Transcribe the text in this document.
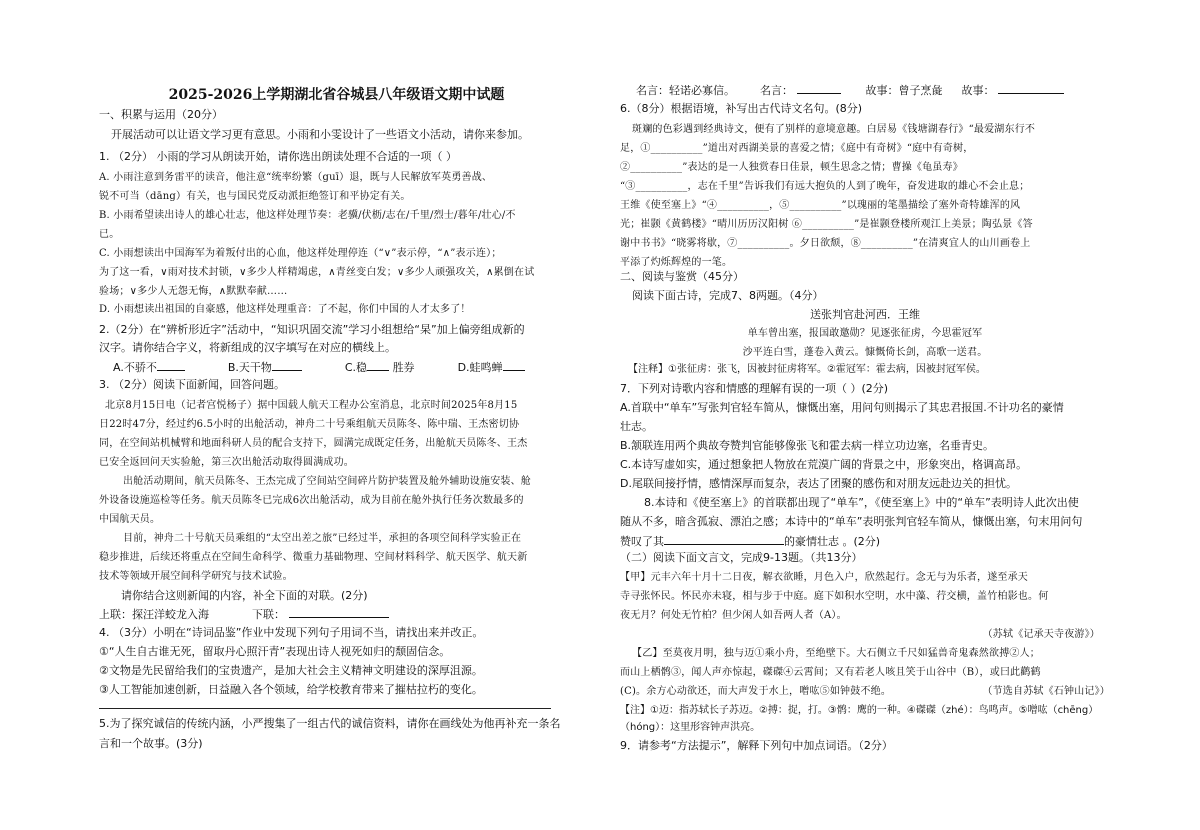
2025-2026上学期湖北省谷城县八年级语文期中试题
一、积累与运用（20分）
开展活动可以让语文学习更有意思。小雨和小雯设计了一些语文小活动，请你来参加。
1. （2分） 小雨的学习从朗读开始，请你选出朗读处理不合适的一项（ ）
A. 小雨注意到务雷平的读音，他注意“统率纷繁（guī）退，既与人民解放军英勇善战、
锐不可当（dāng）有关，也与国民党反动派拒绝签订和平协定有关。
B. 小雨希望读出诗人的雄心壮志，他这样处理节奏：老骥/伏枥/志在/千里/烈士/暮年/壮心/不
已。
C. 小雨想读出中国海军为着叛付出的心血，他这样处理停连（“∨”表示停，“∧”表示连）；
为了这一看，∨雨对技术封锁，∨多少人样精竭虑，∧青丝变白发；∨多少人顽强攻关，∧累倒在试
验场；∨多少人无怨无悔，∧默默奉献……
D. 小雨想读出祖国的自豪感，他这样处理重音：了不起，你们中国的人才太多了！
2.（2分）在“辨析形近字”活动中，“知识巩固交流”学习小组想给“杲”加上偏旁组成新的
汉字。请你结合字义，将新组成的汉字填写在对应的横线上。
A.不骄不	B.天干物	C.稳 胜券	D.蛙鸣蝉
3. （2分）阅读下面新闻，回答问题。
北京8月15日电（记者宫悦杨子）据中国载人航天工程办公室消息，北京时间2025年8月15
日22时47分，经过约6.5小时的出舱活动，神舟二十号乘组航天员陈冬、陈中瑞、王杰密切协
同，在空间站机械臂和地面科研人员的配合支持下，圆满完成既定任务，出舱航天员陈冬、王杰
已安全返回问天实验舱，第三次出舱活动取得圆满成功。
出舱活动期间，航天员陈冬、王杰完成了空间站空间碎片防护装置及舱外辅助设施安装、舱
外设备设施巡检等任务。航天员陈冬已完成6次出舱活动，成为目前在舱外执行任务次数最多的
中国航天员。
目前，神舟二十号航天员乘组的“太空出差之旅”已经过半，承担的各项空间科学实验正在
稳步推进，后续还将重点在空间生命科学、微重力基础物理、空间材料科学、航天医学、航天新
技术等领域开展空间科学研究与技术试验。
请你结合这则新闻的内容，补全下面的对联。(2分)
上联：探汪洋蛟龙入海	下联：
4. （3分）小明在“诗词品鉴”作业中发现下列句子用词不当，请找出来并改正。
①“人生自古谁无死，留取丹心照汗青”表现出诗人视死如归的颓固信念。
②文物是先民留给我们的宝贵遗产，是加大社会主义精神文明建设的深厚沮源。
③人工智能加速创新，日益融入各个领域，给学校教育带来了摧枯拉朽的变化。
5.为了探究诚信的传统内涵，小严搜集了一组古代的诚信资料，请你在画线处为他再补充一条名
言和一个故事。(3分)
名言：轻诺必寡信。 名言：	故事：曾子烹彘 故事：
6.（8分）根据语境，补写出古代诗文名句。(8分)
斑斓的色彩遇到经典诗文，便有了别样的意境意趣。白居易《钱塘湖春行》“最爱湖东行不
足，①__________”道出对西湖美景的喜爱之情；《庭中有奇树》“庭中有奇树，
②__________”表达的是一人独赏春日佳景，顿生思念之情；曹操《龟虽寿》
“③__________，志在千里”告诉我们有远大抱负的人到了晚年，奋发进取的雄心不会止息；
王维《使至塞上》“④__________，⑤__________”以瑰丽的笔墨描绘了塞外奇特雄浑的风
光；崔颢《黄鹤楼》“晴川历历汉阳树 ⑥__________”是崔颢登楼所观江上美景；陶弘景《答
谢中书书》“晓雾将歇，⑦__________。夕日欲颓，⑧__________”在清爽宜人的山川画卷上
平添了灼烁辉煌的一笔。
二、阅读与鉴赏（45分）
阅读下面古诗，完成7、8两题。（4分）
送张判官赴河西．王维
单车曾出塞，报国敢邀勋？见逐张征虏，今思霍冠军
沙平连白雪，蓬卷入黄云。慷慨倚长剑，高歌一送君。
【注释】①张征虏：张飞，因被封征虏将军。②霍冠军：霍去病，因被封冠军侯。
7．下列对诗歌内容和情感的理解有误的一项（ ）(2分)
A.首联中“单车”写张判官轻车简从，慷慨出塞，用问句则揭示了其忠君报国.不计功名的豪情
壮志。
B.颔联连用两个典故夸赞判官能够像张飞和霍去病一样立功边塞，名垂青史。
C.本诗写虚如实，通过想象把人物放在荒漠广阔的背景之中，形象突出，格调高昂。
D.尾联间接抒情，感情深厚而复杂，表达了团聚的感伤和对朋友远赴边关的担忧。
8.本诗和《使至塞上》的首联都出现了“单车”，《使至塞上》中的“单车”表明诗人此次出使
随从不多，暗含孤寂、漂泊之感；本诗中的“单车”表明张判官轻车简从，慷慨出塞，句末用问句
赞叹了其	的豪情壮志 。(2分)
（二）阅读下面文言文，完成9-13题。（共13分）
【甲】元丰六年十月十二日夜，解衣欲睡，月色入户，欣然起行。念无与为乐者，遂至承天
寺寻张怀民。怀民亦未寝，相与步于中庭。庭下如积水空明，水中藻、荇交横，盖竹柏影也。何
夜无月？何处无竹柏？但少闲人如吾两人者（A）。
（苏轼《记承天寺夜游》）
【乙】至莫夜月明，独与迈①乘小舟，至绝壁下。大石侧立千尺如猛兽奇鬼森然欲搏②人；
而山上栖鹘③，闻人声亦惊起，磔磔④云霄间；又有若老人咳且笑于山谷中（B），或曰此鹳鹤
(C)。余方心动欲还，而大声发于水上，噌吰⑤如钟鼓不绝。	（节选自苏轼《石钟山记》）
【注】①迈：指苏轼长子苏迈。②搏：捉，打。③鹘：鹰的一种。④磔磔（zhé）：鸟鸣声。⑤噌吰（chēng）
（hóng）：这里形容钟声洪亮。
9．请参考“方法提示”，解释下列句中加点词语。（2分）
